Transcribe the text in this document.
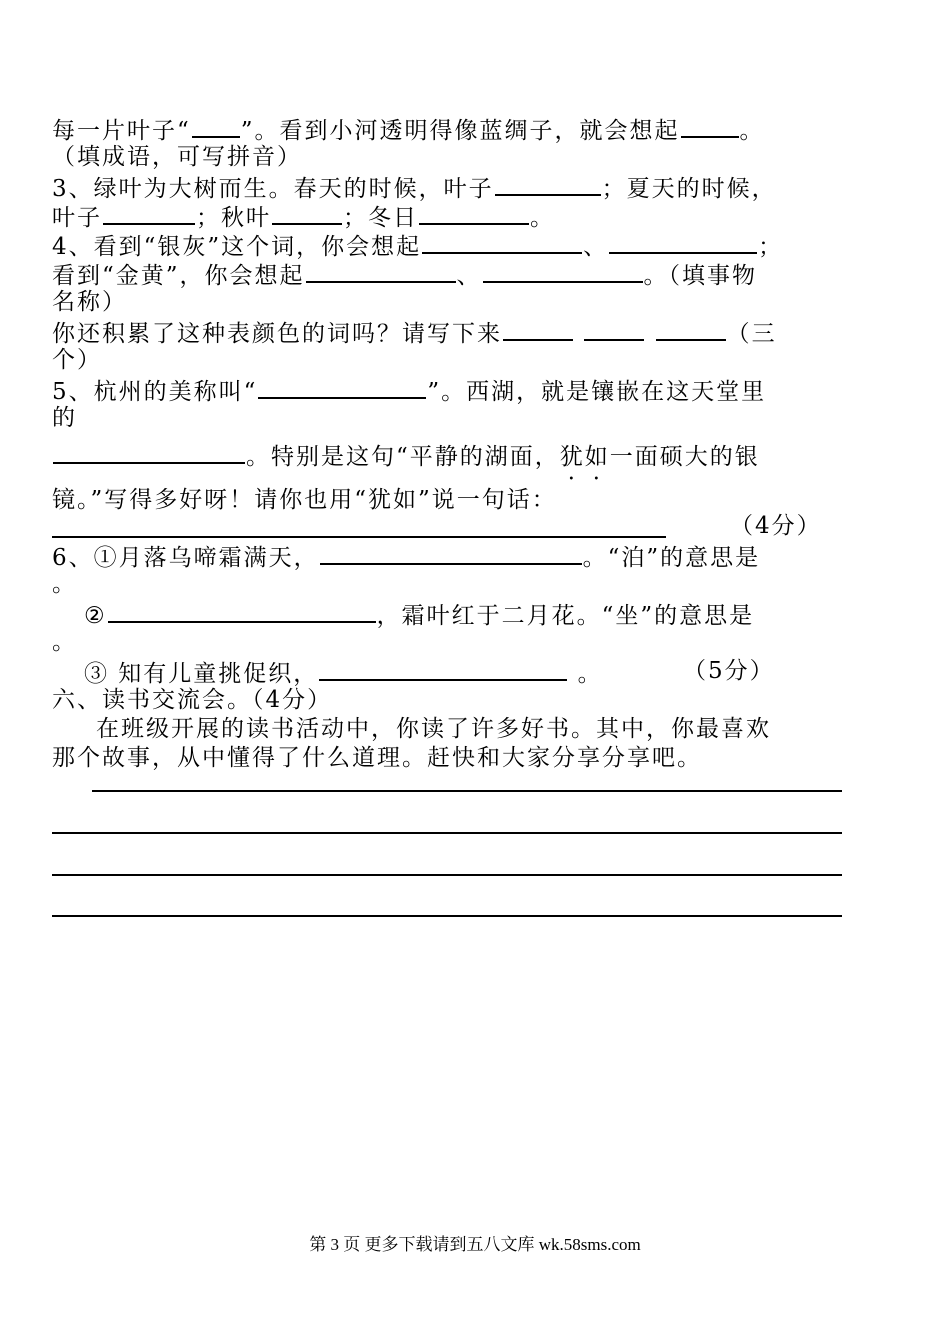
每一片叶子“ ”。看到小河透明得像蓝绸子，就会想起	。
（填成语，可写拼音）
3、绿叶为大树而生。春天的时候，叶子	；夏天的时候，
叶子	；秋叶	；冬日	。
4、看到“银灰”这个词，你会想起	、	；
看到“金黄”，你会想起	、	。（填事物
名称）
你还积累了这种表颜色的词吗？请写下来	（三
个）
5、杭州的美称叫“	”。西湖，就是镶嵌在这天堂里
的
。特别是这句“平静的湖面，犹如一面硕大的银
镜。”写得多好呀！请你也用“犹如”说一句话：
（4分）
6、①月落乌啼霜满天，	。“泊”的意思是
。
②	，霜叶红于二月花。“坐”的意思是
。
③ 知有儿童挑促织，	。	（5分）
六、读书交流会。（4分）
在班级开展的读书活动中，你读了许多好书。其中，你最喜欢
那个故事，从中懂得了什么道理。赶快和大家分享分享吧。
第 3 页 更多下载请到五八文库 wk.58sms.com
